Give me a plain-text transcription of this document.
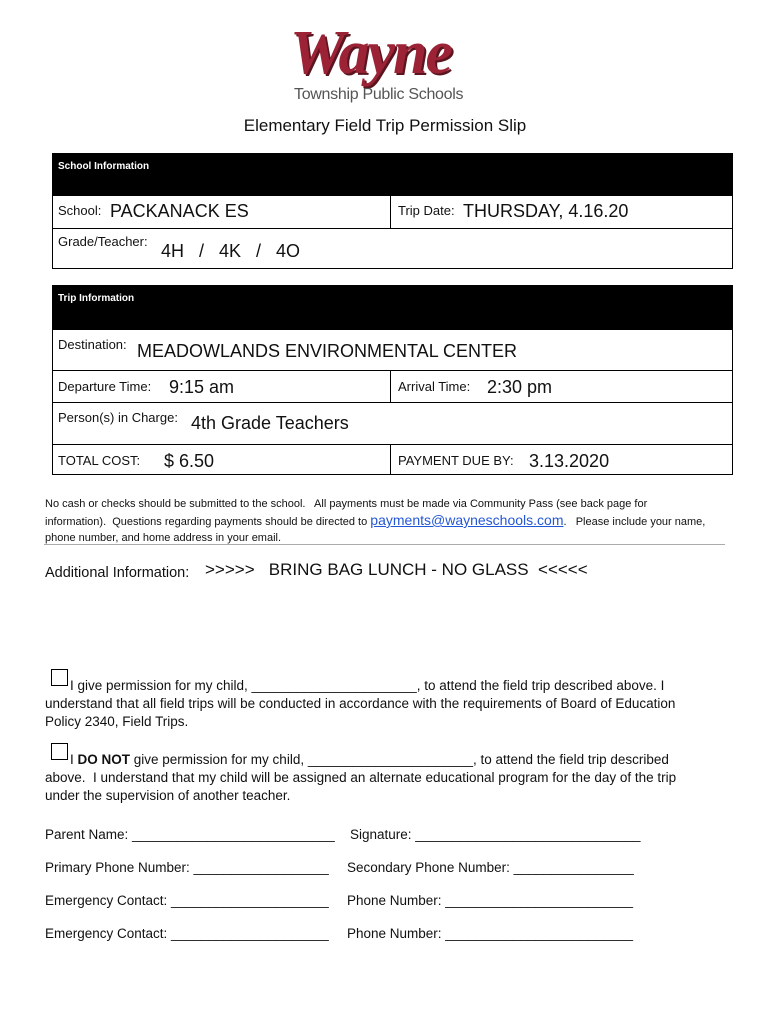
Wayne
Township Public Schools
Elementary Field Trip Permission Slip
School Information
School: PACKANACK ES	Trip Date: THURSDAY, 4.16.20
Grade/Teacher: 4H   /   4K   /   4O
Trip Information
Destination: MEADOWLANDS ENVIRONMENTAL CENTER
Departure Time: 9:15 am	Arrival Time: 2:30 pm
Person(s) in Charge: 4th Grade Teachers
TOTAL COST: $ 6.50	PAYMENT DUE BY: 3.13.2020
No cash or checks should be submitted to the school.   All payments must be made via Community Pass (see back page for
information).  Questions regarding payments should be directed to payments@wayneschools.com.   Please include your name,
phone number, and home address in your email.
Additional Information: >>>>>   BRING BAG LUNCH - NO GLASS  <<<<<
I give permission for my child, ______________________, to attend the field trip described above. I
understand that all field trips will be conducted in accordance with the requirements of Board of Education
Policy 2340, Field Trips.
I DO NOT give permission for my child, ______________________, to attend the field trip described
above.  I understand that my child will be assigned an alternate educational program for the day of the trip
under the supervision of another teacher.
Parent Name: ___________________________ Signature: ______________________________
Primary Phone Number: __________________ Secondary Phone Number: ________________
Emergency Contact: _____________________ Phone Number: _________________________
Emergency Contact: _____________________ Phone Number: _________________________
